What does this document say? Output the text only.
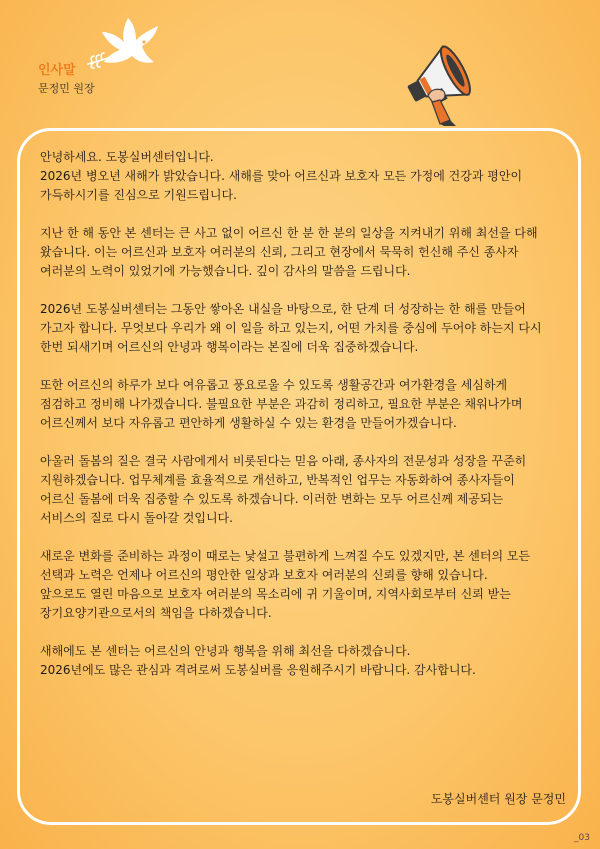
인사말
문정민 원장

안녕하세요. 도봉실버센터입니다.
2026년 병오년 새해가 밝았습니다. 새해를 맞아 어르신과 보호자 모든 가정에 건강과 평안이
가득하시기를 진심으로 기원드립니다.

지난 한 해 동안 본 센터는 큰 사고 없이 어르신 한 분 한 분의 일상을 지켜내기 위해 최선을 다해
왔습니다. 이는 어르신과 보호자 여러분의 신뢰, 그리고 현장에서 묵묵히 헌신해 주신 종사자
여러분의 노력이 있었기에 가능했습니다. 깊이 감사의 말씀을 드립니다.

2026년 도봉실버센터는 그동안 쌓아온 내실을 바탕으로, 한 단계 더 성장하는 한 해를 만들어
가고자 합니다. 무엇보다 우리가 왜 이 일을 하고 있는지, 어떤 가치를 중심에 두어야 하는지 다시
한번 되새기며 어르신의 안녕과 행복이라는 본질에 더욱 집중하겠습니다.

또한 어르신의 하루가 보다 여유롭고 풍요로울 수 있도록 생활공간과 여가환경을 세심하게
점검하고 정비해 나가겠습니다. 불필요한 부분은 과감히 정리하고, 필요한 부분은 채워나가며
어르신께서 보다 자유롭고 편안하게 생활하실 수 있는 환경을 만들어가겠습니다.

아울러 돌봄의 질은 결국 사람에게서 비롯된다는 믿음 아래, 종사자의 전문성과 성장을 꾸준히
지원하겠습니다. 업무체계를 효율적으로 개선하고, 반복적인 업무는 자동화하여 종사자들이
어르신 돌봄에 더욱 집중할 수 있도록 하겠습니다. 이러한 변화는 모두 어르신께 제공되는
서비스의 질로 다시 돌아갈 것입니다.

새로운 변화를 준비하는 과정이 때로는 낯설고 불편하게 느껴질 수도 있겠지만, 본 센터의 모든
선택과 노력은 언제나 어르신의 평안한 일상과 보호자 여러분의 신뢰를 향해 있습니다.
앞으로도 열린 마음으로 보호자 여러분의 목소리에 귀 기울이며, 지역사회로부터 신뢰 받는
장기요양기관으로서의 책임을 다하겠습니다.

새해에도 본 센터는 어르신의 안녕과 행복을 위해 최선을 다하겠습니다.
2026년에도 많은 관심과 격려로써 도봉실버를 응원해주시기 바랍니다. 감사합니다.

도봉실버센터 원장 문정민
_03
